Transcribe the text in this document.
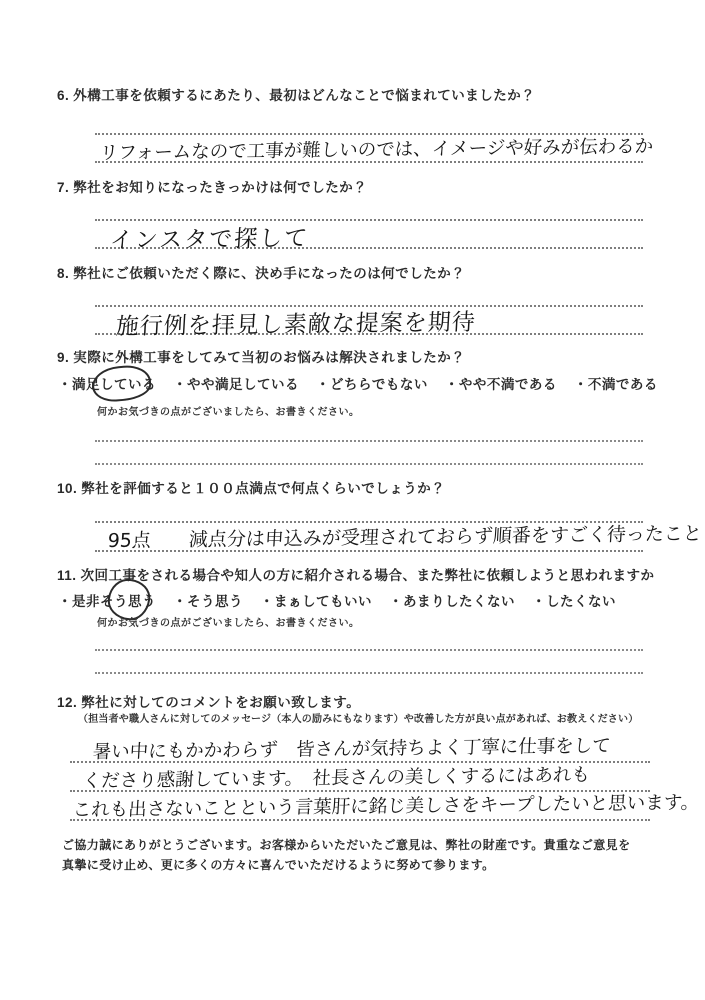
6. 外構工事を依頼するにあたり、最初はどんなことで悩まれていましたか？
リフォームなので工事が難しいのでは、イメージや好みが伝わるか
7. 弊社をお知りになったきっかけは何でしたか？
インスタで探して
8. 弊社にご依頼いただく際に、決め手になったのは何でしたか？
施行例を拝見し素敵な提案を期待
9. 実際に外構工事をしてみて当初のお悩みは解決されましたか？
・ 満足している	・ やや満足している	・ どちらでもない	・ やや不満である	・ 不満である
何かお気づきの点がございましたら、お書きください。
10. 弊社を評価すると１００点満点で何点くらいでしょうか？
95点　　減点分は申込みが受理されておらず順番をすごく待ったこと
11. 次回工事をされる場合や知人の方に紹介される場合、また弊社に依頼しようと思われますか
・ 是非そう思う	・ そう思う	・ まぁしてもいい	・ あまりしたくない	・ したくない
何かお気づきの点がございましたら、お書きください。
12. 弊社に対してのコメントをお願い致します。
（担当者や職人さんに対してのメッセージ（本人の励みにもなります）や改善した方が良い点があれば、お教えください）
暑い中にもかかわらず　皆さんが気持ちよく丁寧に仕事をして
くださり感謝しています。　社長さんの美しくするにはあれも
これも出さないことという言葉肝に銘じ美しさをキープしたいと思います。
ご協力誠にありがとうございます。お客様からいただいたご意見は、弊社の財産です。貴重なご意見を
真摯に受け止め、更に多くの方々に喜んでいただけるように努めて参ります。
